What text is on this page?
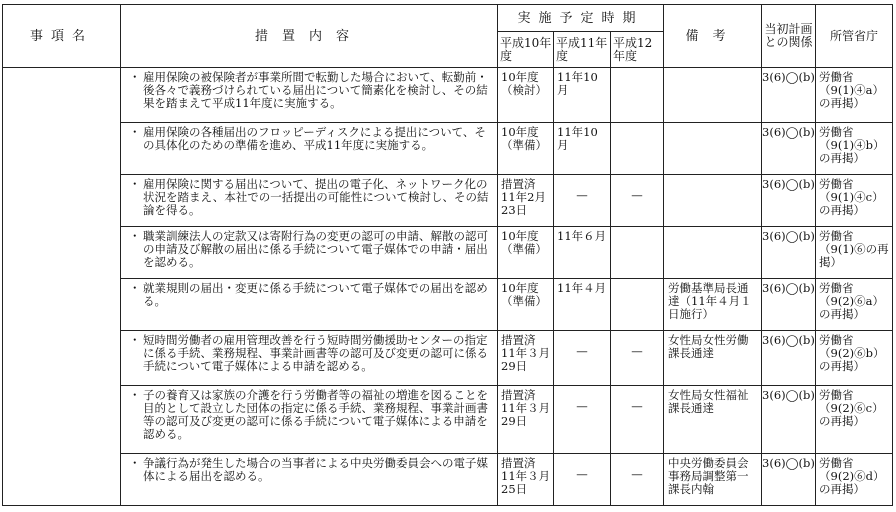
事項名	措置内容	実施予定時期			備考	当初計画との関係	所管省庁
		平成10年度	平成11年度	平成12年度			

	・ 雇用保険の被保険者が事業所間で転勤した場合において、転勤前・後各々で義務づけられている届出について簡素化を検討し、その結果を踏まえて平成11年度に実施する。	10年度（検討）	11年10月			3(6)◯(b)	労働省（9(1)④a）の再掲）

	・ 雇用保険の各種届出のフロッピーディスクによる提出について、その具体化のための準備を進め、平成11年度に実施する。	10年度（準備）	11年10月			3(6)◯(b)	労働省（9(1)④b）の再掲）

	・ 雇用保険に関する届出について、提出の電子化、ネットワーク化の状況を踏まえ、本社での一括提出の可能性について検討し、その結論を得る。	措置済 11年2月23日	—	—		3(6)◯(b)	労働省（9(1)④c）の再掲）

	・ 職業訓練法人の定款又は寄附行為の変更の認可の申請、解散の認可の申請及び解散の届出に係る手続について電子媒体での申請・届出を認める。	10年度（準備）	11年６月			3(6)◯(b)	労働省（9(1)⑥の再掲）

	・ 就業規則の届出・変更に係る手続について電子媒体での届出を認める。	10年度（準備）	11年４月		労働基準局長通達（11年４月１日施行）	3(6)◯(b)	労働省（9(2)⑥a）の再掲）

	・ 短時間労働者の雇用管理改善を行う短時間労働援助センターの指定に係る手続、業務規程、事業計画書等の認可及び変更の認可に係る手続について電子媒体による申請を認める。	措置済 11年３月29日	—	—	女性局女性労働課長通達	3(6)◯(b)	労働省（9(2)⑥b）の再掲）

	・ 子の養育又は家族の介護を行う労働者等の福祉の増進を図ることを目的として設立した団体の指定に係る手続、業務規程、事業計画書等の認可及び変更の認可に係る手続について電子媒体による申請を認める。	措置済 11年３月29日	—	—	女性局女性福祉課長通達	3(6)◯(b)	労働省（9(2)⑥c）の再掲）

	・ 争議行為が発生した場合の当事者による中央労働委員会への電子媒体による届出を認める。	措置済 11年３月25日	—	—	中央労働委員会事務局調整第一課長内翰	3(6)◯(b)	労働省（9(2)⑥d）の再掲）
